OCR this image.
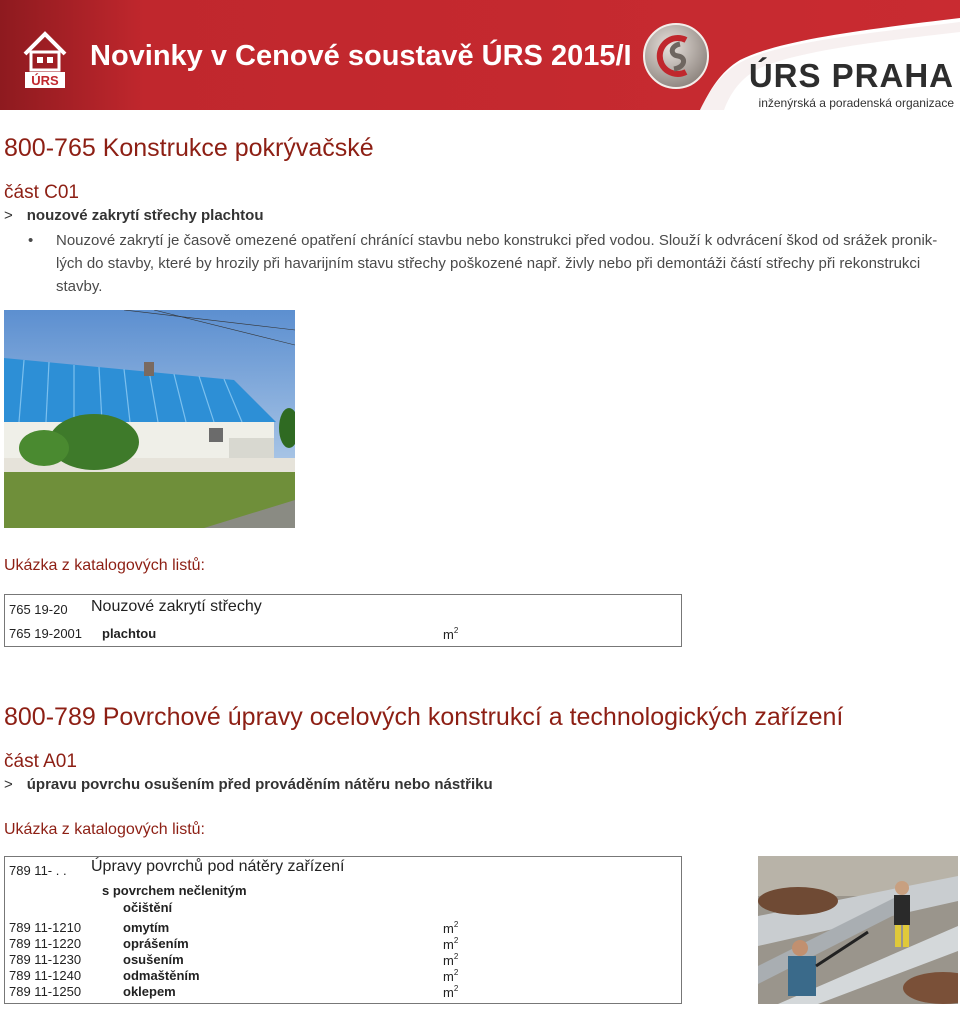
ÚRS
Novinky v Cenové soustavě ÚRS 2015/I
ÚRS PRAHA
inženýrská a poradenská organizace
800-765 Konstrukce pokrývačské
část C01
> nouzové zakrytí střechy plachtou
• Nouzové zakrytí je časově omezené opatření chránící stavbu nebo konstrukci před vodou. Slouží k odvrácení škod od srážek pronik-
lých do stavby, které by hrozily při havarijním stavu střechy poškozené např. živly nebo při demontáži částí střechy při rekonstrukci
stavby.

Ukázka z katalogových listů:
765 19-20 Nouzové zakrytí střechy
765 19-2001 plachtou	$m^2$
800-789 Povrchové úpravy ocelových konstrukcí a technologických zařízení
část A01
> úpravu povrchu osušením před prováděním nátěru nebo nástřiku
Ukázka z katalogových listů:
789 11- . . Úpravy povrchů pod nátěry zařízení
s povrchem nečlenitým
očištění
789 11-1210	omytím	$m^2$
789 11-1220	oprášením	$m^2$
789 11-1230	osušením	$m^2$
789 11-1240	odmaštěním	$m^2$
789 11-1250	oklepem	$m^2$
